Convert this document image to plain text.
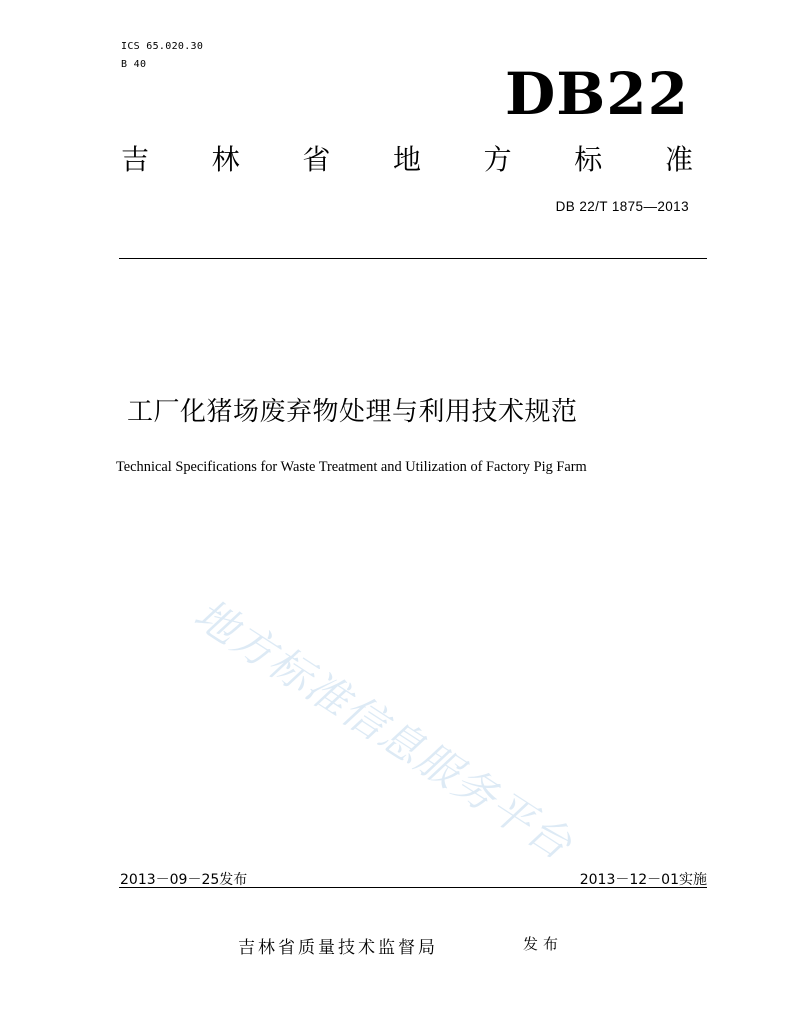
ICS 65.020.30
B 40	DB22
吉 林 省 地 方 标 准
DB 22/T 1875—2013
工厂化猪场废弃物处理与利用技术规范
Technical Specifications for Waste Treatment and Utilization of Factory Pig Farm
地方标准信息服务平台
2013－09－25发布	2013－12－01实施
吉林省质量技术监督局	发布
